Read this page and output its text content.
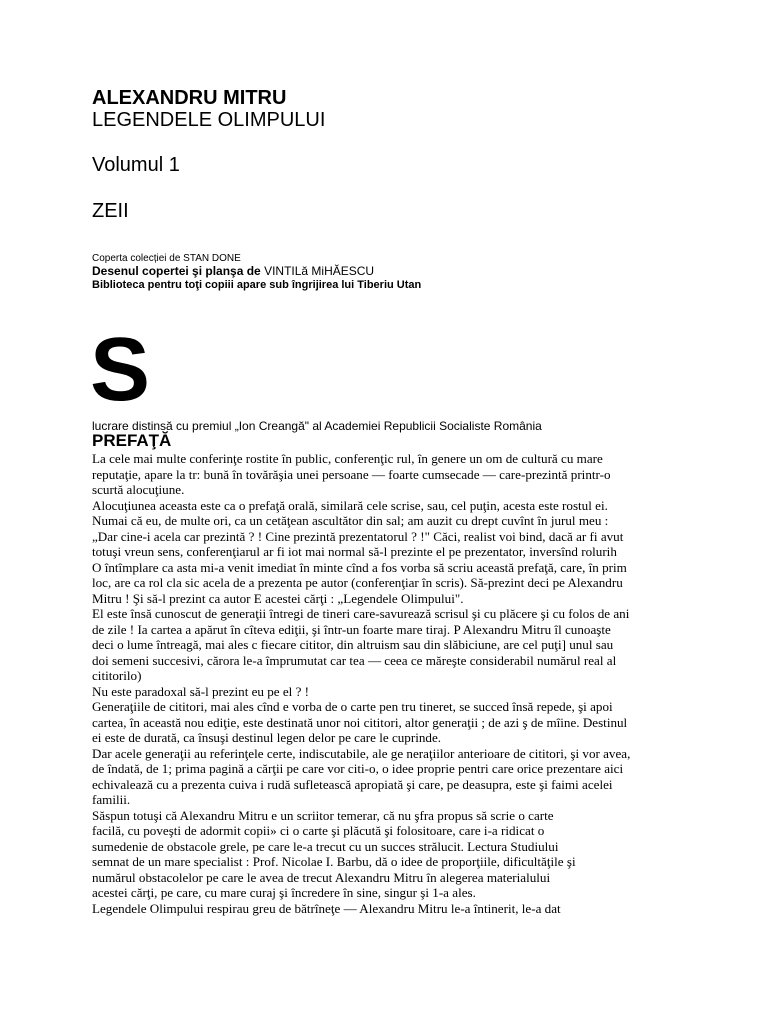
ALEXANDRU MITRU
LEGENDELE OLIMPULUI
Volumul 1
ZEII
Coperta colecției de STAN DONE
Desenul copertei şi planşa de VINTILă MiHĂESCU
Biblioteca pentru toţi copiii apare sub îngrijirea lui Tiberiu Utan
S
lucrare distinsă cu premiul „Ion Creangă" al Academiei Republicii Socialiste România
PREFAŢĂ
La cele mai multe conferinţe rostite în public, conferenţic rul, în genere un om de cultură cu mare
reputaţie, apare la tr: bună în tovărăşia unei persoane — foarte cumsecade — care-prezintă printr-o
scurtă alocuţiune.
Alocuţiunea aceasta este ca o prefaţă orală, similară cele scrise, sau, cel puţin, acesta este rostul ei.
Numai că eu, de multe ori, ca un cetăţean ascultător din sal; am auzit cu drept cuvînt în jurul meu :
„Dar cine-i acela car prezintă ? ! Cine prezintă prezentatorul ? !" Căci, realist voi bind, dacă ar fi avut
totuşi vreun sens, conferenţiarul ar fi iot mai normal să-l prezinte el pe prezentator, inversînd rolurih
O întîmplare ca asta mi-a venit imediat în minte cînd a fos vorba să scriu această prefaţă, care, în prim
loc, are ca rol cla sic acela de a prezenta pe autor (conferenţiar în scris). Să-prezint deci pe Alexandru
Mitru ! Şi să-l prezint ca autor E acestei cărţi : „Legendele Olimpului".
El este însă cunoscut de generaţii întregi de tineri care-savurează scrisul şi cu plăcere şi cu folos de ani
de zile ! Ia cartea a apărut în cîteva ediţii, şi într-un foarte mare tiraj. P Alexandru Mitru îl cunoaşte
deci o lume întreagă, mai ales c fiecare cititor, din altruism sau din slăbiciune, are cel puţi] unul sau
doi semeni succesivi, cărora le-a împrumutat car tea — ceea ce măreşte considerabil numărul real al
cititorilo)
Nu este paradoxal să-l prezint eu pe el ? !
Generaţiile de cititori, mai ales cînd e vorba de o carte pen tru tineret, se succed însă repede, şi apoi
cartea, în această nou ediţie, este destinată unor noi cititori, altor generaţii ; de azi ş de mîine. Destinul
ei este de durată, ca însuşi destinul legen delor pe care le cuprinde.
Dar acele generaţii au referinţele certe, indiscutabile, ale ge neraţiilor anterioare de cititori, şi vor avea,
de îndată, de 1; prima pagină a cărţii pe care vor citi-o, o idee proprie pentri care orice prezentare aici
echivalează cu a prezenta cuiva i rudă sufletească apropiată şi care, pe deasupra, este şi faimi acelei
familii.
Săspun totuşi că Alexandru Mitru e un scriitor temerar, că nu şfra propus să scrie o carte
facilă, cu poveşti de adormit copii» ci o carte şi plăcută şi folositoare, care i-a ridicat o
sumedenie de obstacole grele, pe care le-a trecut cu un succes strălucit. Lectura Studiului
semnat de un mare specialist : Prof. Nicolae I. Barbu, dă o idee de proporţiile, dificultăţile şi
numărul obstacolelor pe care le avea de trecut Alexandru Mitru în alegerea materialului
acestei cărţi, pe care, cu mare curaj şi încredere în sine, singur şi 1-a ales.
Legendele Olimpului respirau greu de bătrîneţe — Alexandru Mitru le-a întinerit, le-a dat
